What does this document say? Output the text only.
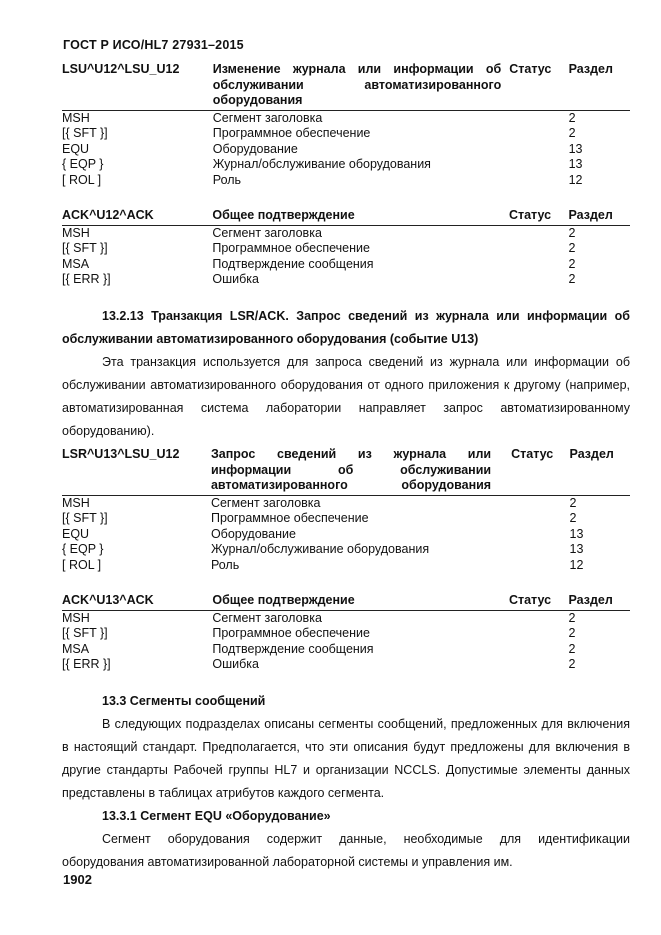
ГОСТ Р ИСО/HL7 27931–2015
LSU^U12^LSU_U12	Изменение журнала или информации об обслуживании автоматизированного оборудования	Статус	Раздел
MSH	Сегмент заголовка		2
[{ SFT }]	Программное обеспечение		2
EQU	Оборудование		13
{ EQP }	Журнал/обслуживание оборудования		13
[ ROL ]	Роль		12
ACK^U12^ACK	Общее подтверждение	Статус	Раздел
MSH	Сегмент заголовка		2
[{ SFT }]	Программное обеспечение		2
MSA	Подтверждение сообщения		2
[{ ERR }]	Ошибка		2
13.2.13 Транзакция LSR/ACK. Запрос сведений из журнала или информации об обслуживании автоматизированного оборудования (событие U13)
Эта транзакция используется для запроса сведений из журнала или информации об обслуживании автоматизированного оборудования от одного приложения к другому (например, автоматизированная система лаборатории направляет запрос автоматизированному оборудованию).
LSR^U13^LSU_U12	Запрос сведений из журнала или информации об обслуживании автоматизированного оборудования	Статус	Раздел
MSH	Сегмент заголовка		2
[{ SFT }]	Программное обеспечение		2
EQU	Оборудование		13
{ EQP }	Журнал/обслуживание оборудования		13
[ ROL ]	Роль		12
ACK^U13^ACK	Общее подтверждение	Статус	Раздел
MSH	Сегмент заголовка		2
[{ SFT }]	Программное обеспечение		2
MSA	Подтверждение сообщения		2
[{ ERR }]	Ошибка		2
13.3 Сегменты сообщений
В следующих подразделах описаны сегменты сообщений, предложенных для включения в настоящий стандарт. Предполагается, что эти описания будут предложены для включения в другие стандарты Рабочей группы HL7 и организации NCCLS. Допустимые элементы данных представлены в таблицах атрибутов каждого сегмента.
13.3.1 Сегмент EQU «Оборудование»
Сегмент оборудования содержит данные, необходимые для идентификации оборудования автоматизированной лабораторной системы и управления им.
1902
